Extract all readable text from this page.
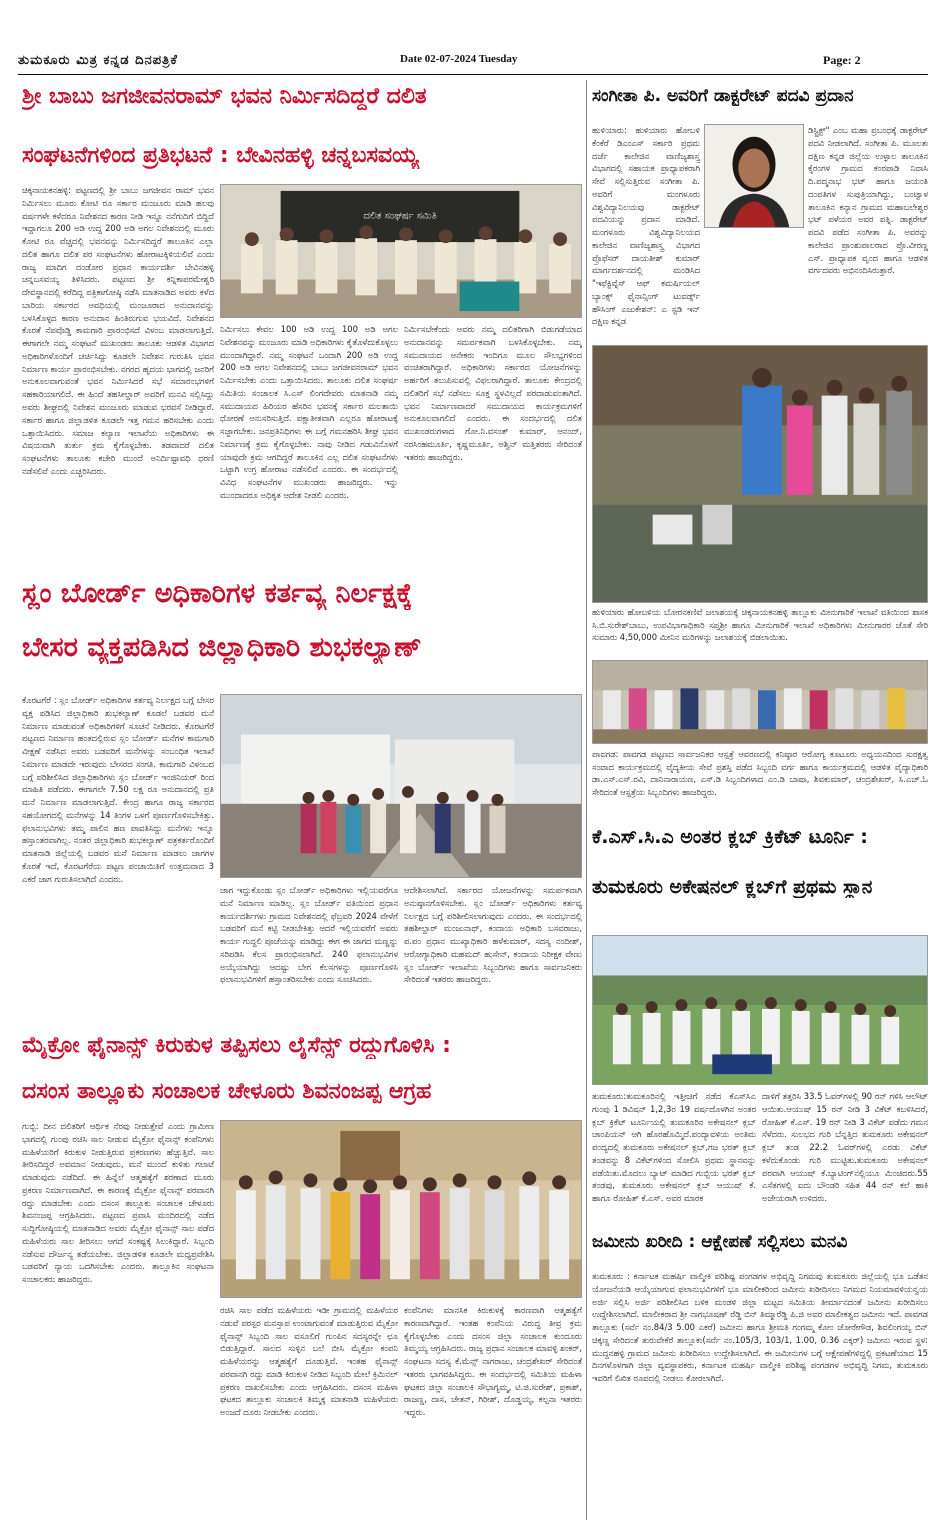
ತುಮಕೂರು ಮಿತ್ರ ಕನ್ನಡ ದಿನಪತ್ರಿಕೆ	Date 02-07-2024 Tuesday	Page: 2
ಶ್ರೀ ಬಾಬು ಜಗಜೀವನರಾಮ್ ಭವನ ನಿರ್ಮಿಸದಿದ್ದರೆ ದಲಿತ
ಸಂಘಟನೆಗಳಿಂದ ಪ್ರತಿಭಟನೆ : ಬೇವಿನಹಳ್ಳಿ ಚನ್ನಬಸವಯ್ಯ
ಚಿಕ್ಕನಾಯಕನಹಳ್ಳಿ: ಪಟ್ಟಣದಲ್ಲಿ ಶ್ರೀ ಬಾಬು ಜಗಜೀವನ ರಾಮ್ ಭವನ ನಿರ್ಮಿಸಲು ಮೂರು ಕೋಟಿ ರೂ ಸರ್ಕಾರ ಮಂಜೂರು ಮಾಡಿ ಹಲವು ವರ್ಷಗಳೇ ಕಳೆದರೂ ನಿವೇಶನದ ಕಾರಣ ನೀಡಿ ಇನ್ನೂ ನನೆಗುದಿಗೆ ಬಿದ್ದಿದೆ ಇದ್ದಾಗಲೂ 200 ಅಡಿ ಉದ್ದ 200 ಅಡಿ ಅಗಲ ನಿವೇಶನದಲ್ಲಿ ಮೂರು ಕೋಟಿ ರೂ ವೆಚ್ಚದಲ್ಲಿ ಭವನವನ್ನು ನಿರ್ಮಿಸದಿದ್ದರೆ ತಾಲೂಕಿನ ಎಲ್ಲಾ ದಲಿತ ಹಾಗೂ ದಲಿತ ಪರ ಸಂಘಟನೆಗಳು ಹೋರಾಟಕ್ಕಿಳಿಯಲಿವೆ ಎಂದು ರಾಜ್ಯ ಮಾದಿಗ ದಂಡೋರ ಪ್ರಧಾನ ಕಾರ್ಯದರ್ಶಿ ಬೇವಿನಹಳ್ಳಿ ಚನ್ನಬಸವಯ್ಯ ತಿಳಿಸಿದರು. ಪಟ್ಟಣದ ಶ್ರೀ ಕನ್ನಿಕಾಪರಮೇಶ್ವರಿ ದೇವಸ್ಥಾನದಲ್ಲಿ ಕರೆದಿದ್ದ ಪತ್ರಿಕಾಗೋಷ್ಠಿ ನಡೆಸಿ ಮಾತನಾಡಿದ ಅವರು ಕಳೆದ ಬಾರಿಯ ಸರ್ಕಾರದ ಅವಧಿಯಲ್ಲಿ ಮಂಜೂರಾದ ಅನುದಾನವನ್ನು ಬಳಸಿಕೊಳ್ಳದ ಕಾರಣ ಅನುದಾನ ಹಿಂತಿರುಗುವ ಭಯವಿದೆ. ನಿವೇಶನದ ಕೊರತೆ ನೆಪವೊಡ್ಡಿ ಕಾಮಗಾರಿ ಪ್ರಾರಂಭಿಸದೆ ವಿಳಂಬ ಮಾಡಲಾಗುತ್ತಿದೆ. ಈಗಾಗಲೇ ನಮ್ಮ ಸಂಘಟನೆ ಮುಖಂಡರು ತಾಲೂಕು ಆಡಳಿತ ವಿಭಾಗದ ಅಧಿಕಾರಿಗಳೊಂದಿಗೆ ಚರ್ಚಿಸಿದ್ದು ಕೂಡಲೇ ನಿವೇಶನ ಗುರುತಿಸಿ ಭವನ ನಿರ್ಮಾಣ ಕಾರ್ಯ ಪ್ರಾರಂಭಿಸಬೇಕು. ನಗರದ ಹೃದಯ ಭಾಗದಲ್ಲಿ ಜನರಿಗೆ ಅನುಕೂಲವಾಗುವಂತೆ ಭವನ ನಿರ್ಮಿಸಿದರೆ ಸಭೆ ಸಮಾರಂಭಗಳಿಗೆ ಸಹಕಾರಿಯಾಗಲಿದೆ. ಈ ಹಿಂದೆ ತಹಸೀಲ್ದಾರ್ ಅವರಿಗೆ ಮನವಿ ಸಲ್ಲಿಸಿದ್ದು ಅವರು ಶೀಘ್ರದಲ್ಲಿ ನಿವೇಶನ ಮಂಜೂರು ಮಾಡುವ ಭರವಸೆ ನೀಡಿದ್ದಾರೆ. ಸರ್ಕಾರ ಹಾಗೂ ಜಿಲ್ಲಾಡಳಿತ ಕೂಡಲೇ ಇತ್ತ ಗಮನ ಹರಿಸಬೇಕು ಎಂದು ಒತ್ತಾಯಿಸಿದರು. ಸಮಾಜ ಕಲ್ಯಾಣ ಇಲಾಖೆಯ ಅಧಿಕಾರಿಗಳು ಈ ವಿಷಯವಾಗಿ ತುರ್ತು ಕ್ರಮ ಕೈಗೊಳ್ಳಬೇಕು. ತಡವಾದರೆ ದಲಿತ ಸಂಘಟನೆಗಳು ತಾಲೂಕು ಕಚೇರಿ ಮುಂದೆ ಅನಿರ್ದಿಷ್ಟಾವಧಿ ಧರಣಿ ನಡೆಸಲಿವೆ ಎಂದು ಎಚ್ಚರಿಸಿದರು.
ದಲಿತ ಸಂಘರ್ಷ ಸಮಿತಿ
ನಿರ್ಮಿಸಲು ಕೇವಲ 100 ಅಡಿ ಉದ್ದ 100 ಅಡಿ ಅಗಲ ನಿವೇಶನವನ್ನು ಮಂಜೂರು ಮಾಡಿ ಅಧಿಕಾರಿಗಳು ಕೈತೊಳೆದುಕೊಳ್ಳಲು ಮುಂದಾಗಿದ್ದಾರೆ. ನಮ್ಮ ಸಂಘಟನೆ ಒಂದಾಗಿ 200 ಅಡಿ ಉದ್ದ 200 ಅಡಿ ಅಗಲ ನಿವೇಶನದಲ್ಲಿ ಬಾಬು ಜಗಜೀವನರಾಮ್ ಭವನ ನಿರ್ಮಿಸಬೇಕು ಎಂದು ಒತ್ತಾಯಿಸಿದರು. ತಾಲೂಕು ದಲಿತ ಸಂಘರ್ಷ ಸಮಿತಿಯ ಸಂಚಾಲಕ ಸಿ.ಎಸ್ ಲಿಂಗದೇವರು ಮಾತನಾಡಿ ನಮ್ಮ ಸಮುದಾಯದ ಹಿರಿಯರ ಹೆಸರಿನ ಭವನಕ್ಕೆ ಸರ್ಕಾರ ಮಲತಾಯಿ ಧೋರಣೆ ಅನುಸರಿಸುತ್ತಿದೆ. ಪಕ್ಷಾತೀತವಾಗಿ ಎಲ್ಲರೂ ಹೋರಾಟಕ್ಕೆ ಸಜ್ಜಾಗಬೇಕು. ಜನಪ್ರತಿನಿಧಿಗಳು ಈ ಬಗ್ಗೆ ಗಮನಹರಿಸಿ ಶೀಘ್ರ ಭವನ ನಿರ್ಮಾಣಕ್ಕೆ ಕ್ರಮ ಕೈಗೊಳ್ಳಬೇಕು. ನಾವು ನೀಡಿದ ಗಡುವಿನೊಳಗೆ ಯಾವುದೇ ಕ್ರಮ ಆಗದಿದ್ದರೆ ತಾಲೂಕಿನ ಎಲ್ಲ ದಲಿತ ಸಂಘಟನೆಗಳು ಒಟ್ಟಾಗಿ ಉಗ್ರ ಹೋರಾಟ ನಡೆಸಲಿವೆ ಎಂದರು. ಈ ಸಂದರ್ಭದಲ್ಲಿ ವಿವಿಧ ಸಂಘಟನೆಗಳ ಮುಖಂಡರು ಹಾಜರಿದ್ದರು. ಇನ್ನು ಮುಂದಾದರೂ ಅಧಿಕೃತ ಆದೇಶ ನೀಡಲಿ ಎಂದರು.
ನಿರ್ಮಿಸಬೇಕೆಂದು ಅವರು ನಮ್ಮ ದಲಿತರಿಗಾಗಿ ಬಿಡುಗಡೆಯಾದ ಅನುದಾನವನ್ನು ಸಮರ್ಪಕವಾಗಿ ಬಳಸಿಕೊಳ್ಳಬೇಕು. ನಮ್ಮ ಸಮುದಾಯದ ಅನೇಕರು ಇಂದಿಗೂ ಮೂಲ ಸೌಲಭ್ಯಗಳಿಂದ ವಂಚಿತರಾಗಿದ್ದಾರೆ. ಅಧಿಕಾರಿಗಳು ಸರ್ಕಾರದ ಯೋಜನೆಗಳನ್ನು ಅರ್ಹರಿಗೆ ತಲುಪಿಸುವಲ್ಲಿ ವಿಫಲರಾಗಿದ್ದಾರೆ. ತಾಲೂಕು ಕೇಂದ್ರದಲ್ಲಿ ದಲಿತರಿಗೆ ಸಭೆ ನಡೆಸಲು ಸೂಕ್ತ ಸ್ಥಳವಿಲ್ಲದೆ ಪರದಾಡುವಂತಾಗಿದೆ. ಭವನ ನಿರ್ಮಾಣವಾದರೆ ಸಮುದಾಯದ ಕಾರ್ಯಕ್ರಮಗಳಿಗೆ ಅನುಕೂಲವಾಗಲಿದೆ ಎಂದರು. ಈ ಸಂದರ್ಭದಲ್ಲಿ ದಲಿತ ಮುಖಂಡರುಗಳಾದ ಗೋ.ನಿ.ವಸಂತ್ ಕುಮಾರ್, ಆನಂದ್, ನರಸಿಂಹಮೂರ್ತಿ, ಕೃಷ್ಣಮೂರ್ತಿ, ಅಶ್ವಿನ್ ಮತ್ತಿತರರು ಸೇರಿದಂತೆ ಇತರರು ಹಾಜರಿದ್ದರು.
ಸ್ಲಂ ಬೋರ್ಡ್ ಅಧಿಕಾರಿಗಳ ಕರ್ತವ್ಯ ನಿರ್ಲಕ್ಷಕ್ಕೆ
ಬೇಸರ ವ್ಯಕ್ತಪಡಿಸಿದ ಜಿಲ್ಲಾಧಿಕಾರಿ ಶುಭಕಲ್ಯಾಣ್
ಕೊರಟಗೆರೆ : ಸ್ಲಂ ಬೋರ್ಡ್ ಅಧಿಕಾರಿಗಳ ಕರ್ತವ್ಯ ನಿರ್ಲಕ್ಷದ ಬಗ್ಗೆ ಬೇಸರ ವ್ಯಕ್ತ ಪಡಿಸಿದ ಜಿಲ್ಲಾಧಿಕಾರಿ ಶುಭಕಲ್ಯಾಣ್ ಕೂಡಲೆ ಬಡವರ ಮನೆ ನಿರ್ಮಾಣ ಮಾಡುವಂತೆ ಅಧಿಕಾರಿಗಳಿಗೆ ಸೂಚನೆ ನೀಡಿದರು. ಕೊರಟಗೆರೆ ಪಟ್ಟಣದ ನಿರ್ಮಾಣ ಹಂತದಲ್ಲಿರುವ ಸ್ಲಂ ಬೋರ್ಡ್ ಮನೆಗಳ ಕಾಮಗಾರಿ ವೀಕ್ಷಣೆ ನಡೆಸಿದ ಅವರು ಬಡವರಿಗೆ ಮನೆಗಳನ್ನು ಸಂಬಂಧಿತ ಇಲಾಖೆ ನಿರ್ಮಾಣ ಮಾಡದೇ ಇರುವುದು ಬೇಸರದ ಸಂಗತಿ. ಕಾಮಗಾರಿ ವಿಳಂಬದ ಬಗ್ಗೆ ಪರಿಶೀಲಿಸಿದ ಜಿಲ್ಲಾಧಿಕಾರಿಗಳು ಸ್ಲಂ ಬೋರ್ಡ್ ಇಂಜಿನಿಯರ್ ರಿಂದ ಮಾಹಿತಿ ಪಡೆದರು. ಈಗಾಗಲೇ 7.50 ಲಕ್ಷ ರೂ ಅನುದಾನದಲ್ಲಿ ಪ್ರತಿ ಮನೆ ನಿರ್ಮಾಣ ಮಾಡಲಾಗುತ್ತಿದೆ. ಕೇಂದ್ರ ಹಾಗೂ ರಾಜ್ಯ ಸರ್ಕಾರದ ಸಹಯೋಗದಲ್ಲಿ ಮನೆಗಳನ್ನು 14 ತಿಂಗಳ ಒಳಗೆ ಪೂರ್ಣಗೊಳಿಸಬೇಕಿತ್ತು. ಫಲಾನುಭವಿಗಳು ತಮ್ಮ ಪಾಲಿನ ಹಣ ಪಾವತಿಸಿದ್ದು ಮನೆಗಳು ಇನ್ನೂ ಹಸ್ತಾಂತರವಾಗಿಲ್ಲ. ನಂತರ ಜಿಲ್ಲಾಧಿಕಾರಿ ಶುಭಕಲ್ಯಾಣ್ ಪತ್ರಕರ್ತರೊಂದಿಗೆ ಮಾತನಾಡಿ ಜಿಲ್ಲೆಯಲ್ಲಿ ಬಡವರ ಮನೆ ನಿರ್ಮಾಣ ಮಾಡಲು ಜಾಗಗಳ ಕೊರತೆ ಇದೆ, ಕೊರಟಗೆರೆಯ ಪಟ್ಟಣ ಪಂಚಾಯಿತಿಗೆ ಉತ್ತಮವಾದ 3 ಎಕರೆ ಜಾಗ ಗುರುತಿಸಲಾಗಿದೆ ಎಂದರು.
ಜಾಗ ಇದ್ದುಕೊಂಡು ಸ್ಲಂ ಬೋರ್ಡ್ ಅಧಿಕಾರಿಗಳು ಇಲ್ಲಿಯವರೆಗೂ ಮನೆ ನಿರ್ಮಾಣ ಮಾಡಿಲ್ಲ. ಸ್ಲಂ ಬೋರ್ಡ್ ವತಿಯಿಂದ ಪ್ರಧಾನ ಕಾರ್ಯದರ್ಶಿಗಳು ಗ್ರಾಮದ ನಿವೇಶನದಲ್ಲಿ ಫೆಬ್ರವರಿ 2024 ವೇಳೆಗೆ ಬಡವರಿಗೆ ಮನೆ ಕಟ್ಟಿ ನೀಡಬೇಕಿತ್ತು ಆದರೆ ಇಲ್ಲಿಯವರೆಗೆ ಅವರು ಕಾರ್ಯ ಗುದ್ದಲಿ ಪೂಜೆಯನ್ನು ಮಾಡಿದ್ದು ಈಗ ಈ ಜಾಗದ ಮಣ್ಣನ್ನು ಸರಿಪಡಿಸಿ ಕೆಲಸ ಪ್ರಾರಂಭಿಸಲಾಗಿದೆ. 240 ಫಲಾನುಭವಿಗಳ ಅಯ್ಕೆಯಾಗಿದ್ದು ಆದಷ್ಟು ಬೇಗ ಕೆಲಸಗಳನ್ನು ಪೂರ್ಣಗೊಳಿಸಿ ಫಲಾನುಭವಿಗಳಿಗೆ ಹಸ್ತಾಂತರಿಸಬೇಕು ಎಂದು ಸೂಚಿಸಿದರು.
ಆದೇಶಿಸಲಾಗಿದೆ. ಸರ್ಕಾರದ ಯೋಜನೆಗಳನ್ನು ಸಮರ್ಪಕವಾಗಿ ಅನುಷ್ಠಾನಗೊಳಿಸಬೇಕು. ಸ್ಲಂ ಬೋರ್ಡ್ ಅಧಿಕಾರಿಗಳು ಕರ್ತವ್ಯ ನಿರ್ಲಕ್ಷದ ಬಗ್ಗೆ ಪರಿಶೀಲಿಸಲಾಗುವುದು ಎಂದರು. ಈ ಸಂದರ್ಭದಲ್ಲಿ ತಹಶೀಲ್ದಾರ್ ಮಂಜುನಾಥ್, ಕಂದಾಯ ಅಧಿಕಾರಿ ಬಸವರಾಜು, ಪ.ಪಂ ಪ್ರಧಾನ ಮುಖ್ಯಾಧಿಕಾರಿ ಹಳೆಕುಮಾರ್, ಸದಸ್ಯ ನಂದೀಶ್, ಆರೋಗ್ಯಾಧಿಕಾರಿ ಮಹಮದ್ ಹುಸೇನ್, ಕಂದಾಯ ನಿರೀಕ್ಷಕ ವೇಣು ಸ್ಲಂ ಬೋರ್ಡ್ ಇಲಾಖೆಯ ಸಿಬ್ಬಂದಿಗಳು ಹಾಗೂ ಸಾರ್ವಜನಿಕರು ಸೇರಿದಂತೆ ಇತರರು ಹಾಜರಿದ್ದರು.
ಮೈಕ್ರೋ ಫೈನಾನ್ಸ್ ಕಿರುಕುಳ ತಪ್ಪಿಸಲು ಲೈಸೆನ್ಸ್ ರದ್ದುಗೊಳಿಸಿ :
ದಸಂಸ ತಾಲ್ಲೂಕು ಸಂಚಾಲಕ ಚೇಳೂರು ಶಿವನಂಜಪ್ಪ ಆಗ್ರಹ
ಗುಬ್ಬಿ: ದೀನ ದಲಿತರಿಗೆ ಆರ್ಥಿಕ ನೆರವು ನೀಡುತ್ತೇವೆ ಎಂದು ಗ್ರಾಮೀಣ ಭಾಗದಲ್ಲಿ ಗುಂಪು ರಚಿಸಿ ಸಾಲ ನೀಡುವ ಮೈಕ್ರೋ ಫೈನಾನ್ಸ್ ಕಂಪೆನಿಗಳು ಮಹಿಳೆಯರಿಗೆ ಕಿರುಕುಳ ನೀಡುತ್ತಿರುವ ಪ್ರಕರಣಗಳು ಹೆಚ್ಚುತ್ತಿವೆ. ಸಾಲ ತೀರಿಸದಿದ್ದರೆ ಅವಮಾನ ನೀಡುವುದು, ಮನೆ ಮುಂದೆ ಕುಳಿತು ಗಲಾಟೆ ಮಾಡುವುದು ನಡೆದಿದೆ. ಈ ಹಿನ್ನೆಲೆ ಆತ್ಮಹತ್ಯೆಗೆ ಶರಣಾದ ಮೂರು ಪ್ರಕರಣ ನಿರ್ಮಾಣವಾಗಿದೆ. ಈ ಕಾರಣಕ್ಕೆ ಮೈಕ್ರೋ ಫೈನಾನ್ಸ್ ಪರವಾನಗಿ ರದ್ದು ಮಾಡಬೇಕು ಎಂದು ದಸಂಸ ತಾಲ್ಲೂಕು ಸಂಚಾಲಕ ಚೇಳೂರು ಶಿವನಂಜಪ್ಪ ಆಗ್ರಹಿಸಿದರು. ಪಟ್ಟಣದ ಪ್ರವಾಸಿ ಮಂದಿರದಲ್ಲಿ ನಡೆದ ಸುದ್ದಿಗೋಷ್ಠಿಯಲ್ಲಿ ಮಾತನಾಡಿದ ಅವರು ಮೈಕ್ರೋ ಫೈನಾನ್ಸ್ ಸಾಲ ಪಡೆದ ಮಹಿಳೆಯರು ಸಾಲ ತೀರಿಸಲು ಆಗದೆ ಸಂಕಷ್ಟಕ್ಕೆ ಸಿಲುಕಿದ್ದಾರೆ. ಸಿಬ್ಬಂದಿ ನಡೆಸುವ ದೌರ್ಜನ್ಯ ತಡೆಯಬೇಕು. ಜಿಲ್ಲಾಡಳಿತ ಕೂಡಲೇ ಮಧ್ಯಪ್ರವೇಶಿಸಿ ಬಡವರಿಗೆ ನ್ಯಾಯ ಒದಗಿಸಬೇಕು ಎಂದರು. ತಾಲ್ಲೂಕಿನ ಸಂಘಟನಾ ಸಂಚಾಲಕರು ಹಾಜರಿದ್ದರು.
ರಚಿಸಿ ಸಾಲ ಪಡೆದ ಮಹಿಳೆಯರು ಇಡೀ ಗ್ರಾಮದಲ್ಲಿ ಮಹಿಳೆಯರ ನಡುವೆ ಪರಸ್ಪರ ಮನಸ್ತಾಪ ಉಂಟಾಗುವಂತೆ ಮಾಡುತ್ತಿರುವ ಮೈಕ್ರೋ ಫೈನಾನ್ಸ್ ಸಿಬ್ಬಂದಿ ಸಾಲ ವಸೂಲಿಗೆ ಗುಂಪಿನ ಸದಸ್ಯರನ್ನೇ ಛೂ ಬಿಡುತ್ತಿದ್ದಾರೆ. ಸಾಲದ ಸುಳ್ಳಿನ ಬಲೆ ಬೀಸಿ ಮೈಕ್ರೋ ಕಂಪನಿ ಮಹಿಳೆಯರನ್ನು ಆತ್ಮಹತ್ಯೆಗೆ ದೂಡುತ್ತಿವೆ. ಇಂತಹ ಫೈನಾನ್ಸ್ ಪರವಾನಗಿ ರದ್ದು ಮಾಡಿ ಕಿರುಕುಳ ನೀಡಿದ ಸಿಬ್ಬಂದಿ ಮೇಲೆ ಕ್ರಿಮಿನಲ್ ಪ್ರಕರಣ ದಾಖಲಿಸಬೇಕು ಎಂದು ಆಗ್ರಹಿಸಿದರು. ದಸಂಸ ಮಹಿಳಾ ಘಟಕದ ತಾಲ್ಲೂಕು ಸಂಚಾಲಕಿ ತಿಮ್ಮಕ್ಕ ಮಾತನಾಡಿ ಮಹಿಳೆಯರು ಅಂಜದೆ ದೂರು ನೀಡಬೇಕು ಎಂದರು.
ಕಂಪೆನಿಗಳು ಮಾನಸಿಕ ಕಿರುಕುಳಕ್ಕೆ ಕಾರಣವಾಗಿ ಆತ್ಮಹತ್ಯೆಗೆ ಕಾರಣವಾಗಿದ್ದಾರೆ. ಇಂತಹ ಕಂಪೆನಿಯ ವಿರುದ್ಧ ತೀವ್ರ ಕ್ರಮ ಕೈಗೊಳ್ಳಬೇಕು ಎಂದು ದಸಂಸ ಜಿಲ್ಲಾ ಸಂಚಾಲಕ ಕುಂದೂರು ತಿಮ್ಮಯ್ಯ ಆಗ್ರಹಿಸಿದರು. ರಾಜ್ಯ ಪ್ರಧಾನ ಸಂಚಾಲಕ ಮಾವಳ್ಳಿ ಶಂಕರ್, ಸಂಘಟನಾ ಸದಸ್ಯ ಕೆ.ಮೆನ್ಸ್ ನಾಗರಾಜು, ಚಂದ್ರಶೇಖರ್ ಸೇರಿದಂತೆ ಇತರರು ಭಾಗವಹಿಸಿದ್ದರು. ಈ ಸಂದರ್ಭದಲ್ಲಿ ಸಮಿತಿಯ ಮಹಿಳಾ ಘಟಕದ ಜಿಲ್ಲಾ ಸಂಚಾಲಕಿ ಸೌಭಾಗ್ಯಮ್ಮ, ಟಿ.ಜಿ.ಸುರೇಶ್, ಪ್ರಕಾಶ್, ರಾಜಣ್ಣ, ದಾಸ, ಚೇತನ್, ಗಿರೀಶ್, ದೊಡ್ಡಯ್ಯ, ಕಲ್ಪನಾ ಇತರರು ಇದ್ದರು.
ಸಂಗೀತಾ ಪಿ. ಅವರಿಗೆ ಡಾಕ್ಟರೇಟ್ ಪದವಿ ಪ್ರದಾನ
ಹುಳಿಯಾರು: ಹುಳಿಯಾರು ಹೋಬಳಿ ಕೆಂಕೆರೆ ಡಿಎಂಎಸ್ ಸರ್ಕಾರಿ ಪ್ರಥಮ ದರ್ಜೆ ಕಾಲೇಜಿನ ವಾಣಿಜ್ಯಶಾಸ್ತ್ರ ವಿಭಾಗದಲ್ಲಿ ಸಹಾಯಕ ಪ್ರಾಧ್ಯಾಪಕರಾಗಿ ಸೇವೆ ಸಲ್ಲಿಸುತ್ತಿರುವ ಸಂಗೀತಾ ಪಿ. ಅವರಿಗೆ ಮಂಗಳೂರು ವಿಶ್ವವಿದ್ಯಾನಿಲಯವು ಡಾಕ್ಟರೇಟ್ ಪದವಿಯನ್ನು ಪ್ರದಾನ ಮಾಡಿದೆ. ಮಂಗಳೂರು ವಿಶ್ವವಿದ್ಯಾನಿಲಯದ ಕಾಲೇಜಿನ ವಾಣಿಜ್ಯಶಾಸ್ತ್ರ ವಿಭಾಗದ ಪ್ರೊಫೆಸರ್ ದಾಯತೀಶ್ ಕುಮಾರ್ ಮಾರ್ಗದರ್ಶನದಲ್ಲಿ ಮಂಡಿಸಿದ "ಇಫೆಕ್ಟಿವ್ನೆಸ್ ಆಫ್ ಕಮರ್ಷಿಯಲ್ ಬ್ಯಾಂಕ್ಸ್ ಫೈನಾನ್ಸಿಂಗ್ ಟುವರ್ಡ್ಸ್ ಹೌಸಿಂಗ್ ಎಜುಕೇಶನ್: ಎ ಸ್ಟಡಿ ಇನ್ ದಕ್ಷಿಣ ಕನ್ನಡ
ಡಿಸ್ಟ್ರಿಕ್ಟ್" ಎಂಬ ಮಹಾ ಪ್ರಬಂಧಕ್ಕೆ ಡಾಕ್ಟರೇಟ್ ಪದವಿ ನೀಡಲಾಗಿದೆ. ಸಂಗೀತಾ ಪಿ. ಮೂಲತಃ ದಕ್ಷಿಣ ಕನ್ನಡ ಜಿಲ್ಲೆಯ ಉಳ್ಳಾಲ ತಾಲೂಕಿನ ಕೈರಂಗಳ ಗ್ರಾಮದ ಕಂಠಪಾಡಿ ನಿವಾಸಿ ದಿ.ಪದ್ಮನಾಭ ಭಟ್ ಹಾಗೂ ಜಯಂತಿ ದಂಪತಿಗಳ ಸುಪುತ್ರಿಯಾಗಿದ್ದು, ಬಂಟ್ವಾಳ ತಾಲೂಕಿನ ಕನ್ಯಾನ ಗ್ರಾಮದ ಮಹಾಬಲೇಶ್ವರ ಭಟ್ ಪಳೆಯರ ಅವರ ಪತ್ನಿ. ಡಾಕ್ಟರೇಟ್ ಪದವಿ ಪಡೆದ ಸಂಗೀತಾ ಪಿ. ಅವರನ್ನು ಕಾಲೇಜಿನ ಪ್ರಾಂಶುಪಾಲರಾದ ಪ್ರೊ.ವೀರಣ್ಣ ಎಸ್. ಪ್ರಾಧ್ಯಾಪಕ ವೃಂದ ಹಾಗೂ ಆಡಳಿತ ವರ್ಗದವರು ಅಭಿನಂದಿಸಿರುತ್ತಾರೆ.
ಹುಳಿಯಾರು ಹೋಬಳಿಯ ಬೋರನಕಣಿವೆ ಜಲಾಶಯಕ್ಕೆ ಚಿಕ್ಕನಾಯಕನಹಳ್ಳಿ ತಾಲ್ಲೂಕು ಮೀನುಗಾರಿಕೆ ಇಲಾಖೆ ವತಿಯಿಂದ ಶಾಸಕ ಸಿ.ಬಿ.ಸುರೇಶ್‌ಬಾಬು, ಉಪವಿಭಾಗಾಧಿಕಾರಿ ಸಪ್ತಶ್ರೀ ಹಾಗೂ ಮೀನುಗಾರಿಕೆ ಇಲಾಖೆ ಅಧಿಕಾರಿಗಳು ಮೀನುಗಾರರ ಜೊತೆ ಸೇರಿ ಸುಮಾರು 4,50,000 ಮೀನಿನ ಮರಿಗಳನ್ನು ಜಲಾಶಯಕ್ಕೆ ಬಿಡಲಾಯಿತು.
ಪಾವಗಡ: ಪಾವಗಡ ಪಟ್ಟಣದ ಸಾರ್ವಜನಿಕರ ಆಸ್ಪತ್ರೆ ಆವರಣದಲ್ಲಿ ಕನಿಷ್ಠಾರ ಆರೋಗ್ಯ ಕೂಟೂರು ಅಧ್ಯಯನದಿಂದ ಸುರಕ್ಷತ್ವ ಸಂವಾದ ಕಾರ್ಯಕ್ರಮದಲ್ಲಿ ವೈದ್ಯಕೀಯ ಸೇವೆ ಪ್ರಶಸ್ತಿ ಪಡೆದ ಸಿಬ್ಬಂದಿ ವರ್ಗ ಹಾಗೂ ಕಾರ್ಯಕ್ರಮದಲ್ಲಿ ಆಡಳಿತ ವೈದ್ಯಾಧಿಕಾರಿ ಡಾ.ಎಸ್.ಎಸ್.ರವಿ, ದಾನಿನಾರಾಯಣ, ಎಸ್.ಡಿ ಸಿಬ್ಬಂದಿಗಳಾದ ಎಂ.ಡಿ ಬಾಷಾ, ಶಿವಕುಮಾರ್, ಚಂದ್ರಶೇಖರ್, ಸಿ.ಎಚ್.ಓ ಸೇರಿದಂತೆ ಆಸ್ಪತ್ರೆಯ ಸಿಬ್ಬಂದಿಗಳು ಹಾಜರಿದ್ದರು.
ಕೆ.ಎಸ್.ಸಿ.ಎ ಅಂತರ ಕ್ಲಬ್ ಕ್ರಿಕೆಟ್ ಟೂರ್ನಿ :
ತುಮಕೂರು ಅಕೇಷನಲ್ ಕ್ಲಬ್‌ಗೆ ಪ್ರಥಮ ಸ್ಥಾನ
ತುಮಕೂರು:ತುಮಕೂರಿನಲ್ಲಿ ಇತ್ತೀಚಿಗೆ ನಡೆದ ಕೆಎಸ್‌ಸಿಎ ಗುಂಪು 1 ಡಿವಿಷನ್ 1,2,3ರ 19 ವರ್ಷದೊಳಗಿನ ಅಂತರ ಕ್ಲಬ್ ಕ್ರಿಕೆಟ್ ಟೂರ್ನಿಯಲ್ಲಿ ತುಮಕೂರಿನ ಅಕೇಷನಲ್ ಕ್ಲಬ್ ಚಾಂಪಿಯನ್ ಆಗಿ ಹೊರಹೊಮ್ಮಿದೆ.ಪಂದ್ಯಾವಳಿಯ ಅಂತಿಮ ಪಂದ್ಯದಲ್ಲಿ ತುಮಕೂರು ಅಕೇಷನಲ್ ಕ್ಲಬ್,ಗಜ ಭರತ್ ಕ್ಲಬ್ ತಂಡವನ್ನು 8 ವಿಕೆಟ್‌ಗಳಿಂದ ಸೋಲಿಸಿ ಪ್ರಥಮ ಸ್ಥಾನವನ್ನು ಪಡೆಯಿತು.ಮೊದಲು ಬ್ಯಾಟ್ ಮಾಡಿದ ಗುಬ್ಬಿಯ ಭರತ್ ಕ್ಲಬ್ ತಂಡವು, ತುಮಕೂರು ಅಕೇಷನಲ್ ಕ್ಲಬ್ ಆಯುಷ್ ಕೆ. ಹಾಗೂ ರೋಹಿತ್ ಕೆ.ಎಸ್. ಅವರ ಮಾರಕ
ದಾಳಿಗೆ ತತ್ತರಿಸಿ 33.5 ಓವರ್‌ಗಳಲ್ಲಿ 90 ರನ್ ಗಳಿಸಿ ಆಲೌಟ್ ಆಯಿತು.ಆಯುಷ್ 15 ರನ್ ನೀಡಿ 3 ವಿಕೆಟ್ ಕಬಳಿಸಿದರೆ, ರೋಹಿತ್ ಕೆ.ಎಸ್. 19 ರನ್ ನೀಡಿ 3 ವಿಕೆಟ್ ಪಡೆದು ಗಮನ ಸೆಳೆದರು. ಸುಲಭದ ಗುರಿ ಬೆನ್ನತ್ತಿದ ತುಮಕೂರು ಅಕೇಷನಲ್ ಕ್ಲಬ್ ತಂಡ 22.2 ಓವರ್‌ಗಳಲ್ಲಿ ಎರಡು ವಿಕೆಟ್ ಕಳೆದುಕೊಂಡು ಗುರಿ ಮುಟ್ಟಿತು.ತುಮಕೂರು ಅಕೇಷನಲ್ ಪರವಾಗಿ ಆಯುಷ್ ಕೆ.ಬ್ಯಾಟಿಂಗ್‌ನಲ್ಲಿಯೂ ಮಿಂಚಿದರು.55 ಎಸೆತಗಳಲ್ಲಿ ಐದು ಬೌಂಡರಿ ಸಹಿತ 44 ರನ್ ಕಲೆ ಹಾಕಿ ಅಜೇಯರಾಗಿ ಉಳಿದರು.
ಜಮೀನು ಖರೀದಿ : ಆಕ್ಷೇಪಣೆ ಸಲ್ಲಿಸಲು ಮನವಿ
ತುಮಕೂರು : ಕರ್ನಾಟಕ ಮಹರ್ಷಿ ವಾಲ್ಮೀಕಿ ಪರಿಶಿಷ್ಟ ಪಂಗಡಗಳ ಅಭಿವೃದ್ಧಿ ನಿಗಮವು ತುಮಕೂರು ಜಿಲ್ಲೆಯಲ್ಲಿ ಭೂ ಒಡೆತನ ಯೋಜನೆಯಡಿ ಆಯ್ಕೆಯಾಗುವ ಫಲಾನುಭವಿಗಳಿಗೆ ಭೂ ಮಾಲೀಕರಿಂದ ಜಮೀನು ಖರೀದಿಸಲು ನಿಗಮದ ನಿಯಮಾವಳಿಯನ್ವಯ ಅರ್ಜಿ ಸಲ್ಲಿಸಿ ಅರ್ಜಿ ಪರಿಶೀಲಿಸಿದ ಬಳಿಕ ಮಂಡಳಿ ಜಿಲ್ಲಾ ಮಟ್ಟದ ಸಮಿತಿಯ ತೀರ್ಮಾನದಂತೆ ಜಮೀನು ಖರೀದಿಸಲು ಉದ್ದೇಶಿಸಲಾಗಿದೆ. ಮಾಲೀಕರಾದ ಶ್ರೀ ನಾಗಭೂಷಣ್ ರೆಡ್ಡಿ ಬಿನ್ ತಿಮ್ಮಾರೆಡ್ಡಿ ಪಿ.ಜಿ ಅವರ ಮಾಲೀಕತ್ವದ ಜಮೀನು ಇದೆ. ಪಾವಗಡ ತಾಲ್ಲೂಕು (ಸರ್ವೆ ನಂ.84/3 5.00 ಎಕರೆ) ಜಮೀನು ಹಾಗೂ ಶ್ರೀಮತಿ ಗಂಗಮ್ಮ ಕೋಂ ಚೋರೇಗೌಡ, ಶಿವಲಿಂಗಯ್ಯ ಬಿನ್ ಚಿಕ್ಕಣ್ಣ ಸೇರಿದಂತೆ ತುರುವೇಕೆರೆ ತಾಲ್ಲೂಕು(ಸರ್ವೆ ನಂ.105/3, 103/1, 1.00, 0.36 ಎಕ್ಕರ್) ಜಮೀನು ಇರುವ ಸ್ಥಳ: ಮುದ್ದನಹಳ್ಳಿ ಗ್ರಾಮದ ಜಮೀನು ಖರೀದಿಸಲು ಉದ್ದೇಶಿಸಲಾಗಿದೆ. ಈ ಜಮೀನುಗಳ ಬಗ್ಗೆ ಆಕ್ಷೇಪಣೆಗಳಿದ್ದಲ್ಲಿ ಪ್ರಕಟಣೆಯಾದ 15 ದಿನಗಳೊಳಗಾಗಿ ಜಿಲ್ಲಾ ವ್ಯವಸ್ಥಾಪಕರು, ಕರ್ನಾಟಕ ಮಹರ್ಷಿ ವಾಲ್ಮೀಕಿ ಪರಿಶಿಷ್ಟ ಪಂಗಡಗಳ ಅಭಿವೃದ್ಧಿ ನಿಗಮ, ತುಮಕೂರು ಇವರಿಗೆ ಲಿಖಿತ ರೂಪದಲ್ಲಿ ನೀಡಲು ಕೋರಲಾಗಿದೆ.
